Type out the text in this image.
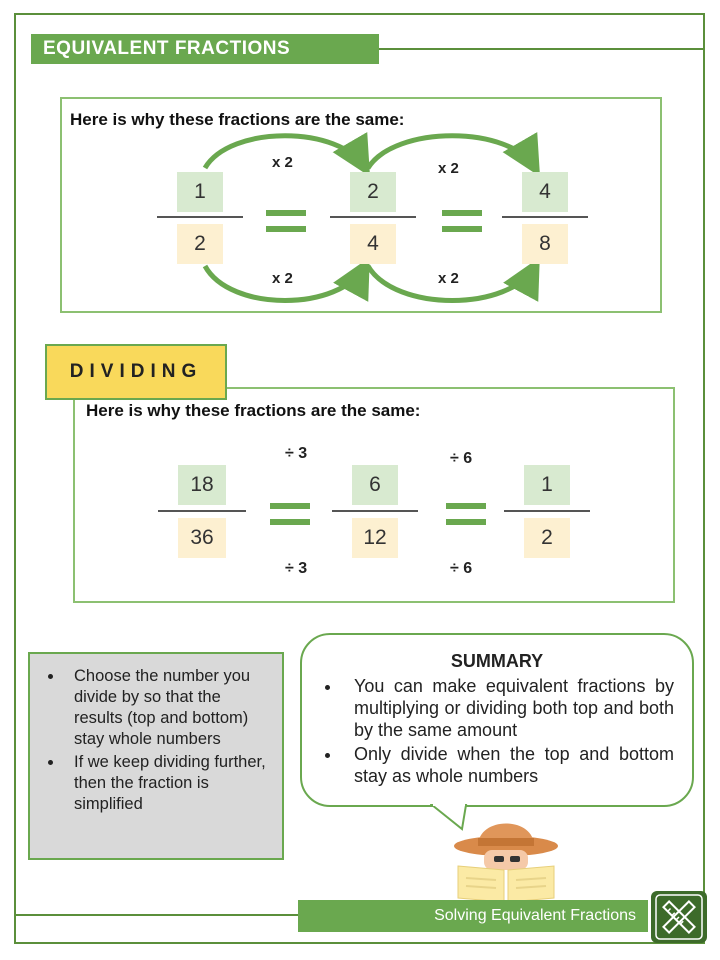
EQUIVALENT FRACTIONS
Here is why these fractions are the same:
x 2	x 2
x 2	x 2
1
2
2
4
4
8
DIVIDING
Here is why these fractions are the same:
÷ 3	÷ 6
÷ 3	÷ 6
18
36
6
12
1
2
• Choose the number you divide by so that the results (top and bottom) stay whole numbers
• If we keep dividing further, then the fraction is simplified
SUMMARY
• You can make equivalent fractions by multiplying or dividing both top and both by the same amount
• Only divide when the top and bottom stay as whole numbers
Solving Equivalent Fractions
